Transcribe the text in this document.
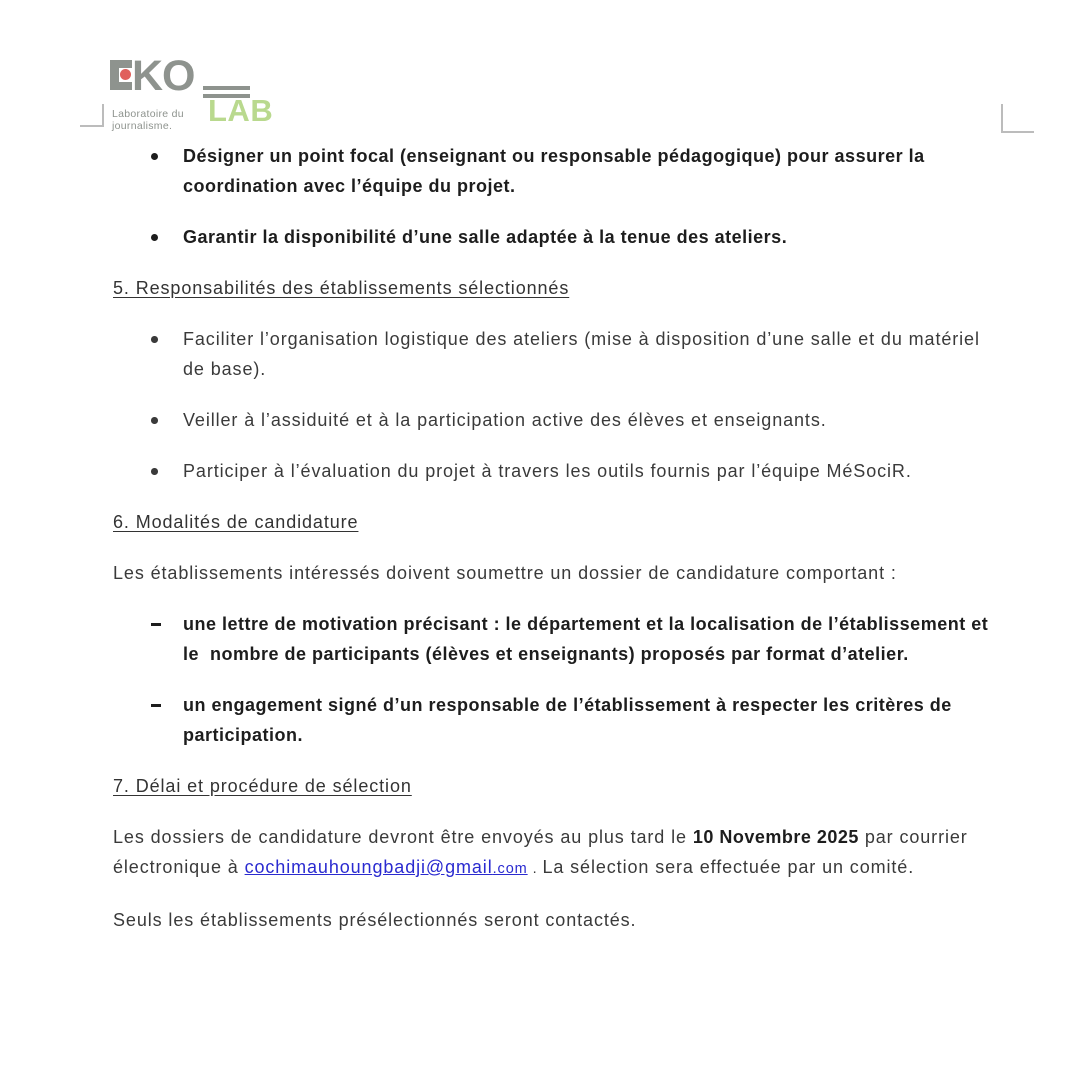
KO
Laboratoire du
journalisme.	LAB
Désigner un point focal (enseignant ou responsable pédagogique) pour assurer la coordination avec l’équipe du projet.
Garantir la disponibilité d’une salle adaptée à la tenue des ateliers.
5. Responsabilités des établissements sélectionnés
Faciliter l’organisation logistique des ateliers (mise à disposition d’une salle et du matériel de base).
Veiller à l’assiduité et à la participation active des élèves et enseignants.
Participer à l’évaluation du projet à travers les outils fournis par l’équipe MéSociR.
6. Modalités de candidature

Les établissements intéressés doivent soumettre un dossier de candidature comportant :

une lettre de motivation précisant : le département et la localisation de l’établissement et le  nombre de participants (élèves et enseignants) proposés par format d’atelier.
un engagement signé d’un responsable de l’établissement à respecter les critères de participation.
7. Délai et procédure de sélection

Les dossiers de candidature devront être envoyés au plus tard le 10 Novembre 2025 par courrier électronique à cochimauhoungbadji@gmail.com . La sélection sera effectuée par un comité.

Seuls les établissements présélectionnés seront contactés.
